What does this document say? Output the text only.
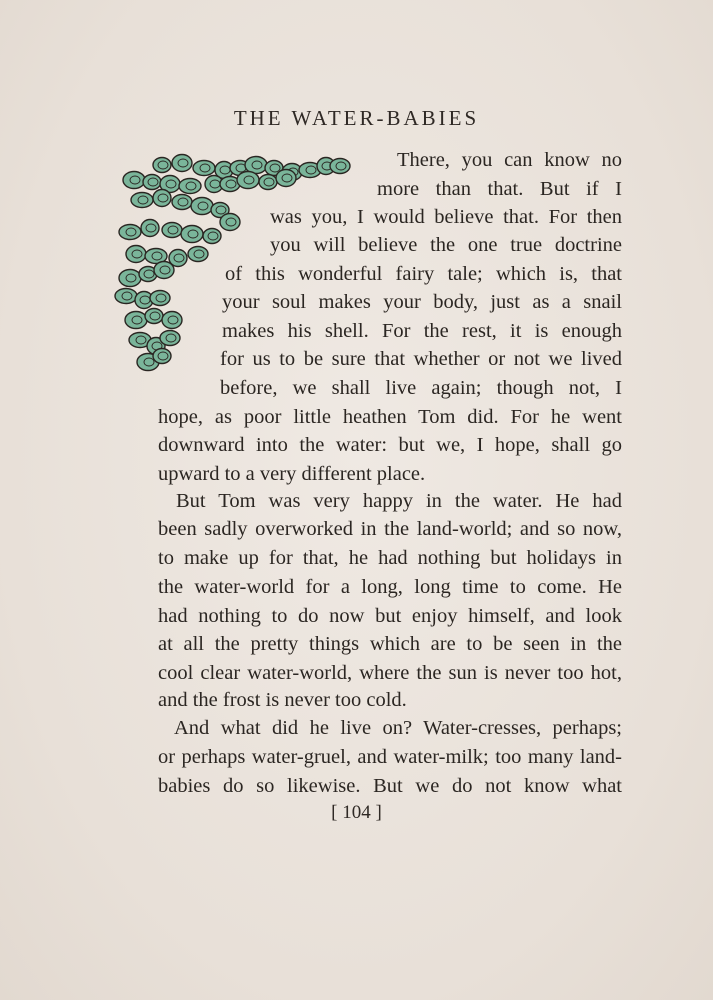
THE WATER-BABIES
There, you can know no
more than that. But if I
was you, I would believe that. For then
you will believe the one true doctrine
of this wonderful fairy tale; which is, that
your soul makes your body, just as a snail
makes his shell. For the rest, it is enough
for us to be sure that whether or not we lived
before, we shall live again; though not, I
hope, as poor little heathen Tom did. For he went
downward into the water: but we, I hope, shall go
upward to a very different place.
But Tom was very happy in the water. He had
been sadly overworked in the land-world; and so now,
to make up for that, he had nothing but holidays in
the water-world for a long, long time to come. He
had nothing to do now but enjoy himself, and look
at all the pretty things which are to be seen in the
cool clear water-world, where the sun is never too hot,
and the frost is never too cold.
And what did he live on? Water-cresses, perhaps;
or perhaps water-gruel, and water-milk; too many land-
babies do so likewise. But we do not know what
[ 104 ]
